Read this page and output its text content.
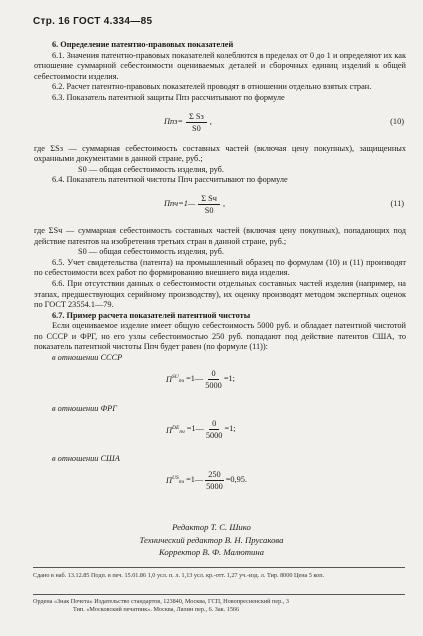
Стр. 16 ГОСТ 4.334—85

6. Определение патентно-правовых показателей

6.1. Значения патентно-правовых показателей колеблются в пределах от 0 до 1 и определяют их как отношение суммарной себестоимости оцениваемых деталей и сборочных единиц изделий к общей себестоимости изделия.

6.2. Расчет патентно-правовых показателей проводят в отношении отдельно взятых стран.

6.3. Показатель патентной защиты Ппз рассчитывают по формуле

$Ппз= \frac{\text{Σ Sз}}{S0}$ ,	(10)

где ΣSз — суммарная себестоимость составных частей (включая цену покупных), защищенных охранными документами в данной стране, руб.;

S0 — общая себестоимость изделия, руб.

6.4. Показатель патентной чистоты Ппч рассчитывают по формуле

Ппч=1— $\frac{\text{Σ Sч}}{S0}$ ,	(11)

где ΣSч — суммарная себестоимость составных частей (включая цену покупных), попадающих под действие патентов на изобретения третьих стран в данной стране, руб.;

S0 — общая себестоимость изделия, руб.

6.5. Учет свидетельства (патента) на промышленный образец по формулам (10) и (11) производят по себестоимости всех работ по формированию внешнего вида изделия.

6.6. При отсутствии данных о себестоимости отдельных составных частей изделия (например, на этапах, предшествующих серийному производству), их оценку производят методом экспертных оценок по ГОСТ 23554.1—79.

6.7. Пример расчета показателей патентной чистоты

Если оцениваемое изделие имеет общую себестоимость 5000 руб. и обладает патентной чистотой по СССР и ФРГ, но его узлы себестоимостью 250 руб. попадают под действие патентов США, то показатель патентной чистоты Ппч будет равен (по формуле (11)):

в отношении СССР

$П^{SU}пч$ =1— $\frac{0}{5000} =1$;

в отношении ФРГ

$П^{DE}пч$ =1— $\frac{0}{5000} =1$;

в отношении США

$П^{US}пч$ =1— $\frac{250}{5000} =0,95$.
Редактор Т. С. Шико
Технический редактор В. Н. Прусакова
Корректор В. Ф. Малютина
Сдано в наб. 13.12.85 Подп. в печ. 15.01.86 1,0 усл. п. л. 1,13 усл. кр.-отт. 1,27 уч.-изд. л. Тир. 8000 Цена 5 коп.
Ордена «Знак Почета» Издательство стандартов, 123840, Москва, ГСП, Новопресненский пер., 3
Тип. «Московский печатник». Москва, Лялин пер., 6. Зак. 1566
